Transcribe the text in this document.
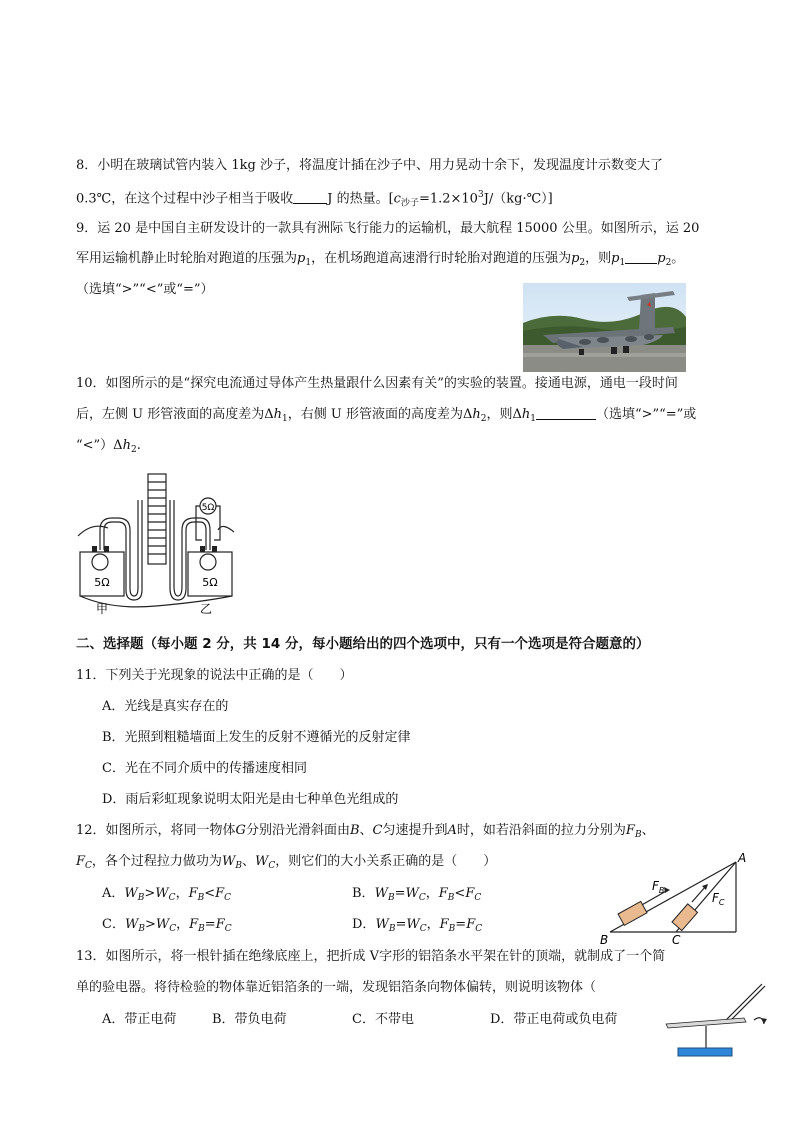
8．小明在玻璃试管内装入 1kg 沙子，将温度计插在沙子中、用力晃动十余下，发现温度计示数变大了
0.3℃，在这个过程中沙子相当于吸收	J 的热量。$[c_{沙子}=1.2\times 10^3J/(kg\cdot℃)]$
9．运 20 是中国自主研发设计的一款具有洲际飞行能力的运输机，最大航程 15000 公里。如图所示，运 20
军用运输机静止时轮胎对跑道的压强为$p_1$，在机场跑道高速滑行时轮胎对跑道的压强为$p_2$，则$p_1$ $p_2$。
（选填“>”“<”或“=”）
10．如图所示的是“探究电流通过导体产生热量跟什么因素有关”的实验的装置。接通电源，通电一段时间
后，左侧 U 形管液面的高度差为$\Delta h_1$，右侧 U 形管液面的高度差为$\Delta h_2$，则$\Delta h_1$	（选填“>”“=”或
“$<”)\Delta h_2$.
5Ω
5Ω	5Ω
甲	乙
二、选择题（每小题 2 分，共 14 分，每小题给出的四个选项中，只有一个选项是符合题意的）
11．下列关于光现象的说法中正确的是（　　）
A．光线是真实存在的
B．光照到粗糙墙面上发生的反射不遵循光的反射定律
C．光在不同介质中的传播速度相同
D．雨后彩虹现象说明太阳光是由七种单色光组成的
12．如图所示，将同一物体G分别沿光滑斜面由B、C匀速提升到A时，如若沿斜面的拉力分别为$F_B$、
$F_C$，各个过程拉力做功为$W_B$、$W_C$，则它们的大小关系正确的是（　　）
A．$W_B>W_C$，$F_B<F_C$	B．$W_B=W_C$，$F_B<F_C$
C．$W_B>W_C$，$F_B=F_C$	D．$W_B=W_C$，$F_B=F_C$
A
B	C
$F_B$
$F_C$
13．如图所示，将一根针插在绝缘底座上，把折成 V字形的铝箔条水平架在针的顶端，就制成了一个简
单的验电器。将待检验的物体靠近铝箔条的一端，发现铝箔条向物体偏转，则说明该物体（
A．带正电荷	B．带负电荷	C．不带电	D．带正电荷或负电荷
